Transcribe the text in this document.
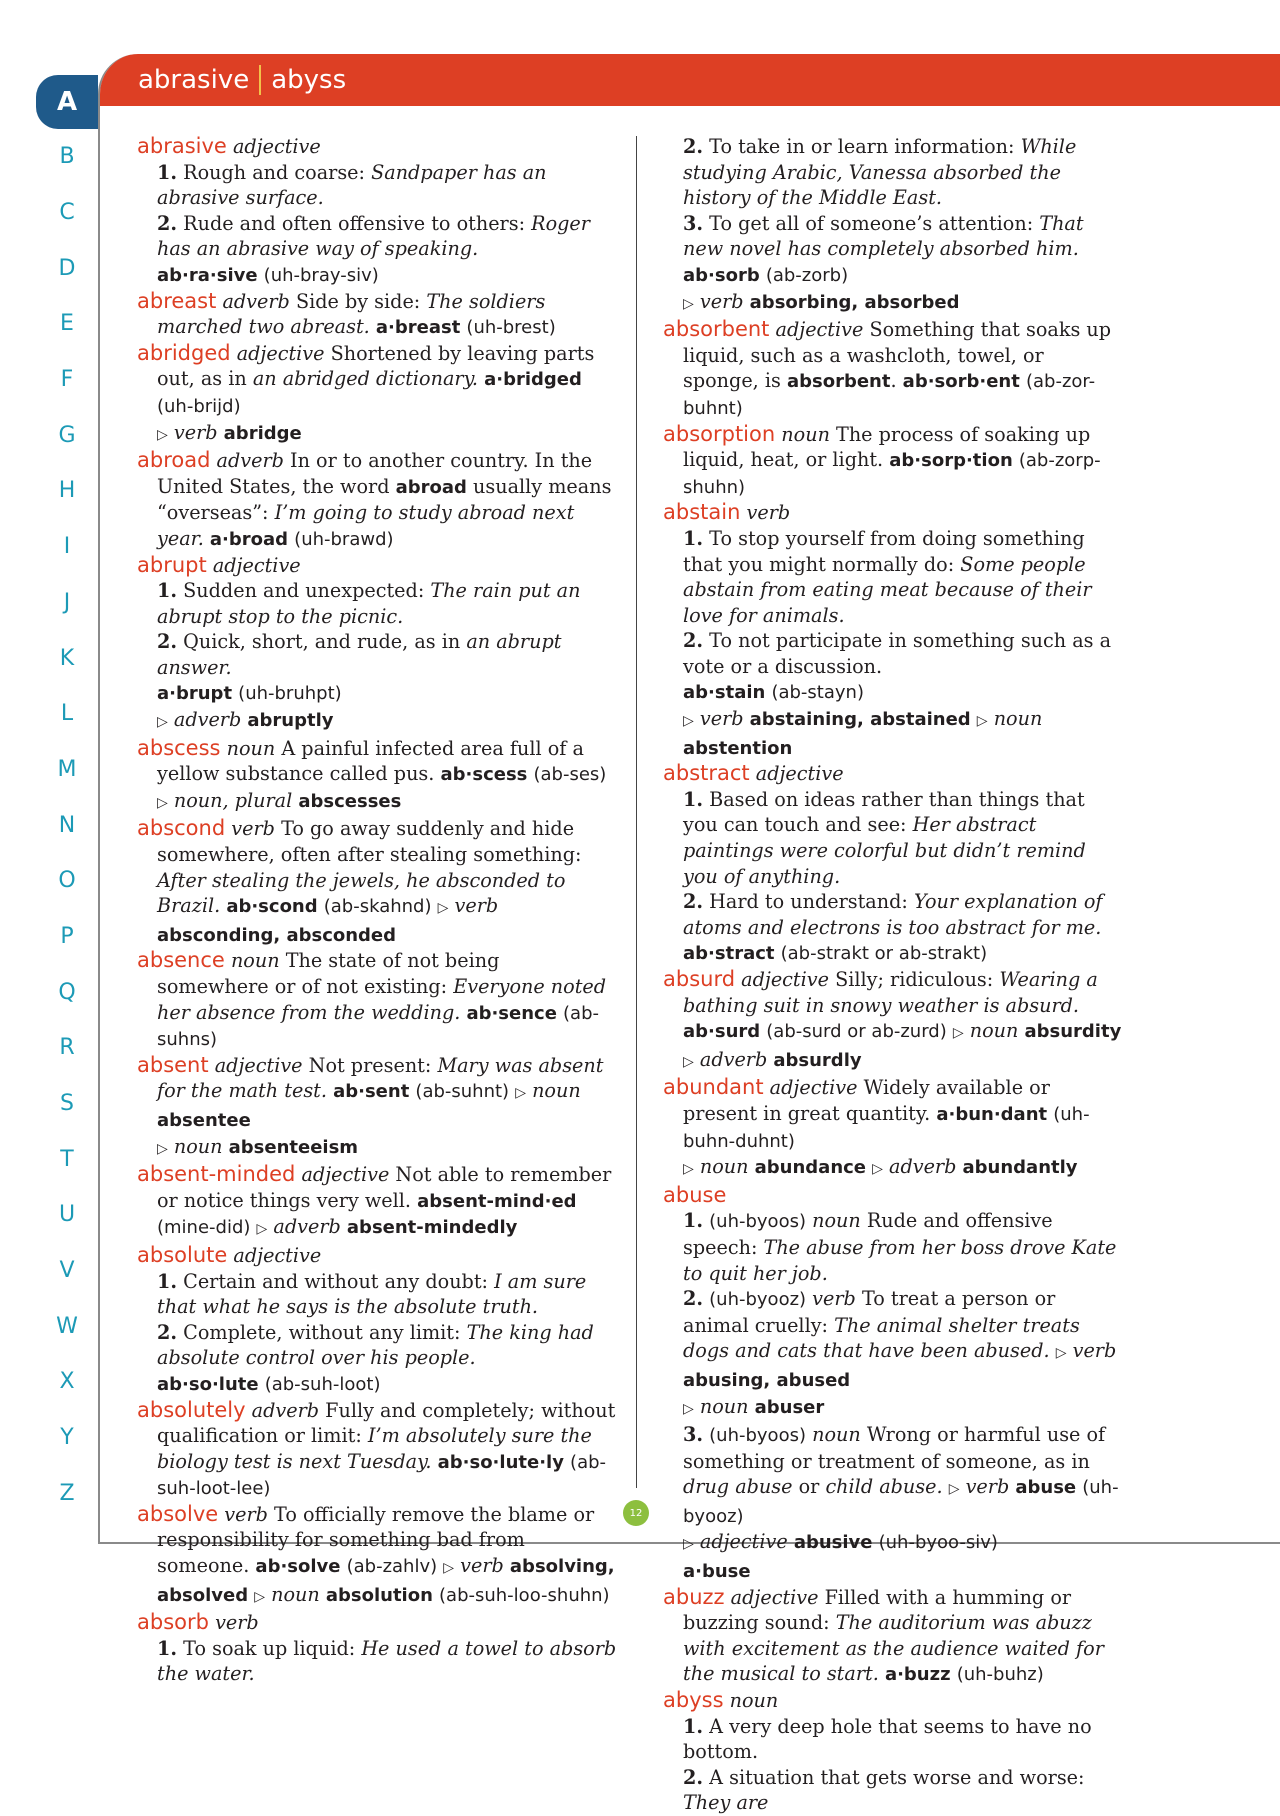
abrasive abyss
A
B
C
D
E
F
G
H
I
J
K
L
M
N
O
P
Q
R
S
T
U
V
W
X
Y
Z

abrasive adjective

1. Rough and coarse: Sandpaper has an abrasive surface.

2. Rude and often offensive to others: Roger has an abrasive way of speaking.

ab·ra·sive (uh-bray-siv)

abreast adverb Side by side: The soldiers marched two abreast. a·breast (uh-brest)

abridged adjective Shortened by leaving parts out, as in an abridged dictionary. a·bridged (uh-brijd)
▷ verb abridge

abroad adverb In or to another country. In the United States, the word abroad usually means “overseas”: I’m going to study abroad next year. a·broad (uh-brawd)

abrupt adjective

1. Sudden and unexpected: The rain put an abrupt stop to the picnic.

2. Quick, short, and rude, as in an abrupt answer.

a·brupt (uh-bruhpt)

▷ adverb abruptly

abscess noun A painful infected area full of a yellow substance called pus. ab·scess (ab-ses) ▷ noun, plural abscesses

abscond verb To go away suddenly and hide somewhere, often after stealing something: After stealing the jewels, he absconded to Brazil. ab·scond (ab-skahnd) ▷ verb absconding, absconded

absence noun The state of not being somewhere or of not existing: Everyone noted her absence from the wedding. ab·sence (ab-suhns)

absent adjective Not present: Mary was absent for the math test. ab·sent (ab-suhnt) ▷ noun absentee
▷ noun absenteeism

absent-minded adjective Not able to remember or notice things very well. absent-mind·ed (mine-did) ▷ adverb absent-mindedly

absolute adjective

1. Certain and without any doubt: I am sure that what he says is the absolute truth.

2. Complete, without any limit: The king had absolute control over his people.

ab·so·lute (ab-suh-loot)

absolutely adverb Fully and completely; without qualification or limit: I’m absolutely sure the biology test is next Tuesday. ab·so·lute·ly (ab-suh-loot-lee)

absolve verb To officially remove the blame or responsibility for something bad from someone. ab·solve (ab-zahlv) ▷ verb absolving, absolved ▷ noun absolution (ab-suh-loo-shuhn)

absorb verb

1. To soak up liquid: He used a towel to absorb the water.

2. To take in or learn information: While studying Arabic, Vanessa absorbed the history of the Middle East.

3. To get all of someone’s attention: That new novel has completely absorbed him.

ab·sorb (ab-zorb)

▷ verb absorbing, absorbed

absorbent adjective Something that soaks up liquid, such as a washcloth, towel, or sponge, is absorbent. ab·sorb·ent (ab-zor-buhnt)

absorption noun The process of soaking up liquid, heat, or light. ab·sorp·tion (ab-zorp-shuhn)

abstain verb

1. To stop yourself from doing something that you might normally do: Some people abstain from eating meat because of their love for animals.

2. To not participate in something such as a vote or a discussion.

ab·stain (ab-stayn)

▷ verb abstaining, abstained ▷ noun abstention

abstract adjective

1. Based on ideas rather than things that you can touch and see: Her abstract paintings were colorful but didn’t remind you of anything.

2. Hard to understand: Your explanation of atoms and electrons is too abstract for me.

ab·stract (ab-strakt or ab-strakt)

absurd adjective Silly; ridiculous: Wearing a bathing suit in snowy weather is absurd. ab·surd (ab-surd or ab-zurd) ▷ noun absurdity ▷ adverb absurdly

abundant adjective Widely available or present in great quantity. a·bun·dant (uh-buhn-duhnt)
▷ noun abundance ▷ adverb abundantly

abuse

1. (uh-byoos) noun Rude and offensive speech: The abuse from her boss drove Kate to quit her job.

2. (uh-byooz) verb To treat a person or animal cruelly: The animal shelter treats dogs and cats that have been abused. ▷ verb abusing, abused
▷ noun abuser

3. (uh-byoos) noun Wrong or harmful use of something or treatment of someone, as in drug abuse or child abuse. ▷ verb abuse (uh-byooz)
▷ adjective abusive (uh-byoo-siv)

a·buse

abuzz adjective Filled with a humming or buzzing sound: The auditorium was abuzz with excitement as the audience waited for the musical to start. a·buzz (uh-buhz)

abyss noun

1. A very deep hole that seems to have no bottom.

2. A situation that gets worse and worse: They are

12
